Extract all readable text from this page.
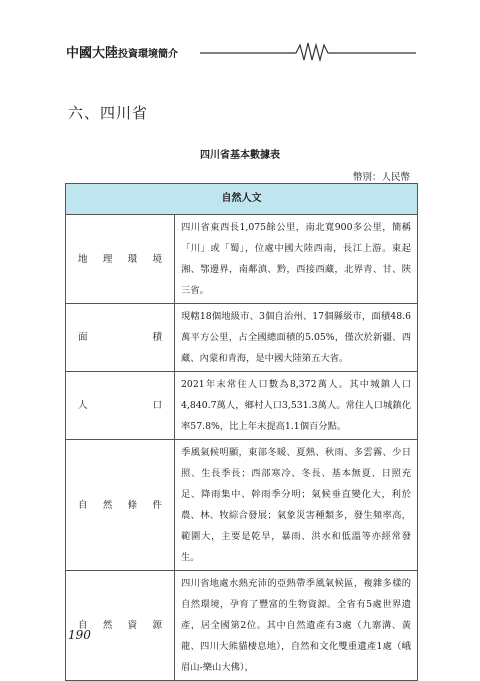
中國大陸投資環境簡介
六、四川省
四川省基本數據表
幣別：人民幣
自然人文	
地理環境	四川省東西長1,075餘公里，南北寬900多公里，簡稱「川」或「蜀」，位處中國大陸西南，長江上游。東起湘、鄂邊界，南鄰滇、黔，西接西藏，北界青、甘、陝三省。
面積	現轄18個地級市、3個自治州、17個縣級市，面積48.6萬平方公里，占全國總面積的5.05%，僅次於新疆、西藏、內蒙和青海，是中國大陸第五大省。
人口	2021年末常住人口數為8,372萬人。其中城鎮人口4,840.7萬人，鄉村人口3,531.3萬人。常住人口城鎮化率57.8%，比上年末提高1.1個百分點。
自然條件	季風氣候明顯，東部冬暖、夏熱、秋雨、多雲霧、少日照、生長季長；西部寒冷、冬長、基本無夏、日照充足、降雨集中、幹雨季分明；氣候垂直變化大，利於農、林、牧綜合發展；氣象災害種類多，發生頻率高，範圍大，主要是乾旱，暴雨、洪水和低溫等亦經常發生。
自然資源	四川省地處水熱充沛的亞熱帶季風氣候區，複雜多樣的自然環境，孕育了豐富的生物資源。全省有5處世界遺產，居全國第2位。其中自然遺產有3處（九寨溝、黃龍、四川大熊貓棲息地），自然和文化雙重遺產1處（峨眉山-樂山大佛），
190
